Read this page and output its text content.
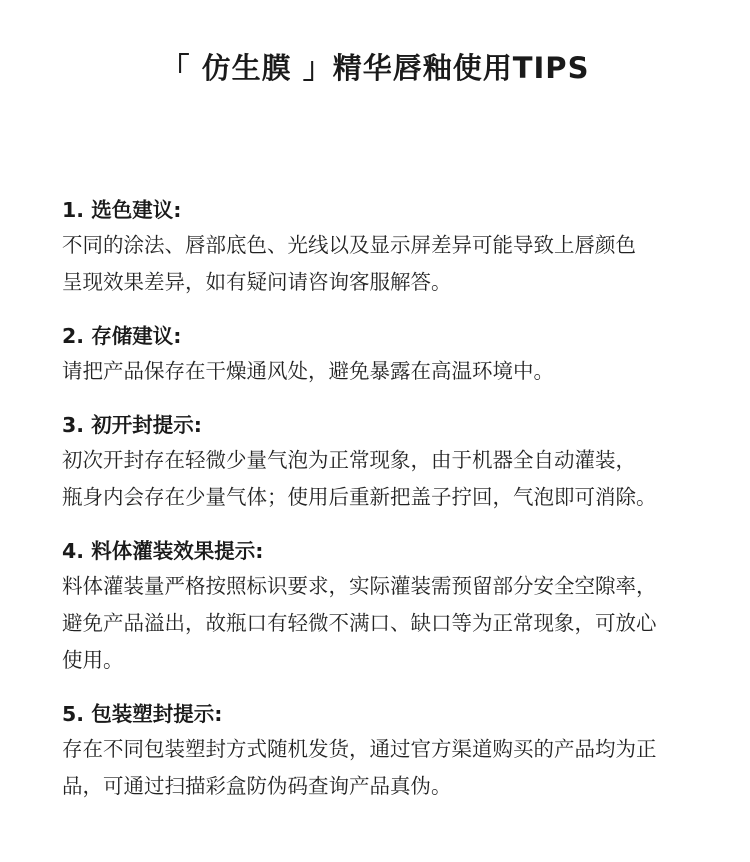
「 仿生膜 」精华唇釉使用TIPS
1. 选色建议:

不同的涂法、唇部底色、光线以及显示屏差异可能导致上唇颜色

呈现效果差异，如有疑问请咨询客服解答。

2. 存储建议:

请把产品保存在干燥通风处，避免暴露在高温环境中。

3. 初开封提示:

初次开封存在轻微少量气泡为正常现象，由于机器全自动灌装，

瓶身内会存在少量气体；使用后重新把盖子拧回，气泡即可消除。

4. 料体灌装效果提示:

料体灌装量严格按照标识要求，实际灌装需预留部分安全空隙率，

避免产品溢出，故瓶口有轻微不满口、缺口等为正常现象，可放心

使用。

5. 包装塑封提示:

存在不同包装塑封方式随机发货，通过官方渠道购买的产品均为正

品，可通过扫描彩盒防伪码查询产品真伪。
